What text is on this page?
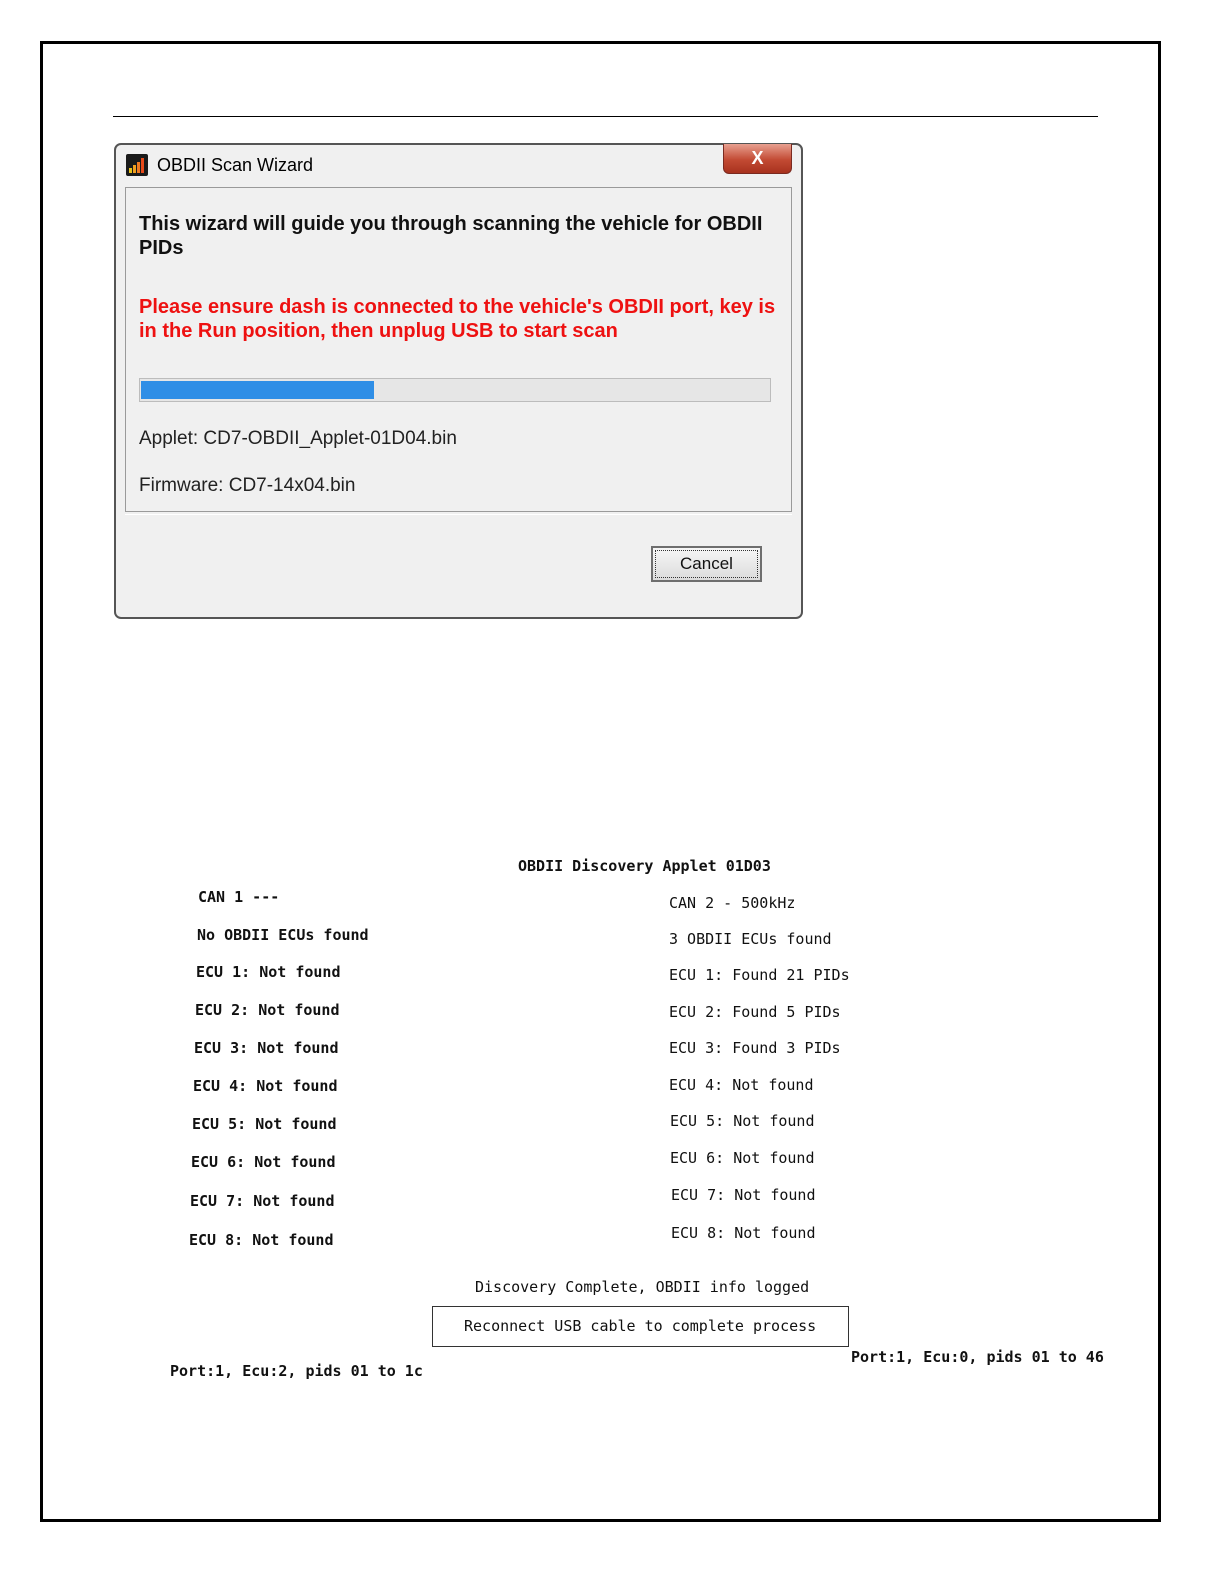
OBDII Scan Wizard	X
This wizard will guide you through scanning the vehicle for OBDII PIDs
Please ensure dash is connected to the vehicle's OBDII port, key is in the Run position, then unplug USB to start scan
Applet: CD7-OBDII_Applet-01D04.bin
Firmware: CD7-14x04.bin
Cancel
OBDII Discovery Applet 01D03
CAN 1 ---
No OBDII ECUs found
ECU 1: Not found
ECU 2: Not found
ECU 3: Not found
ECU 4: Not found
ECU 5: Not found
ECU 6: Not found
ECU 7: Not found
ECU 8: Not found
CAN 2 - 500kHz
3 OBDII ECUs found
ECU 1: Found 21 PIDs
ECU 2: Found 5 PIDs
ECU 3: Found 3 PIDs
ECU 4: Not found
ECU 5: Not found
ECU 6: Not found
ECU 7: Not found
ECU 8: Not found
Discovery Complete, OBDII info logged
Reconnect USB cable to complete process
Port:1, Ecu:2, pids 01 to 1c
Port:1, Ecu:0, pids 01 to 46
